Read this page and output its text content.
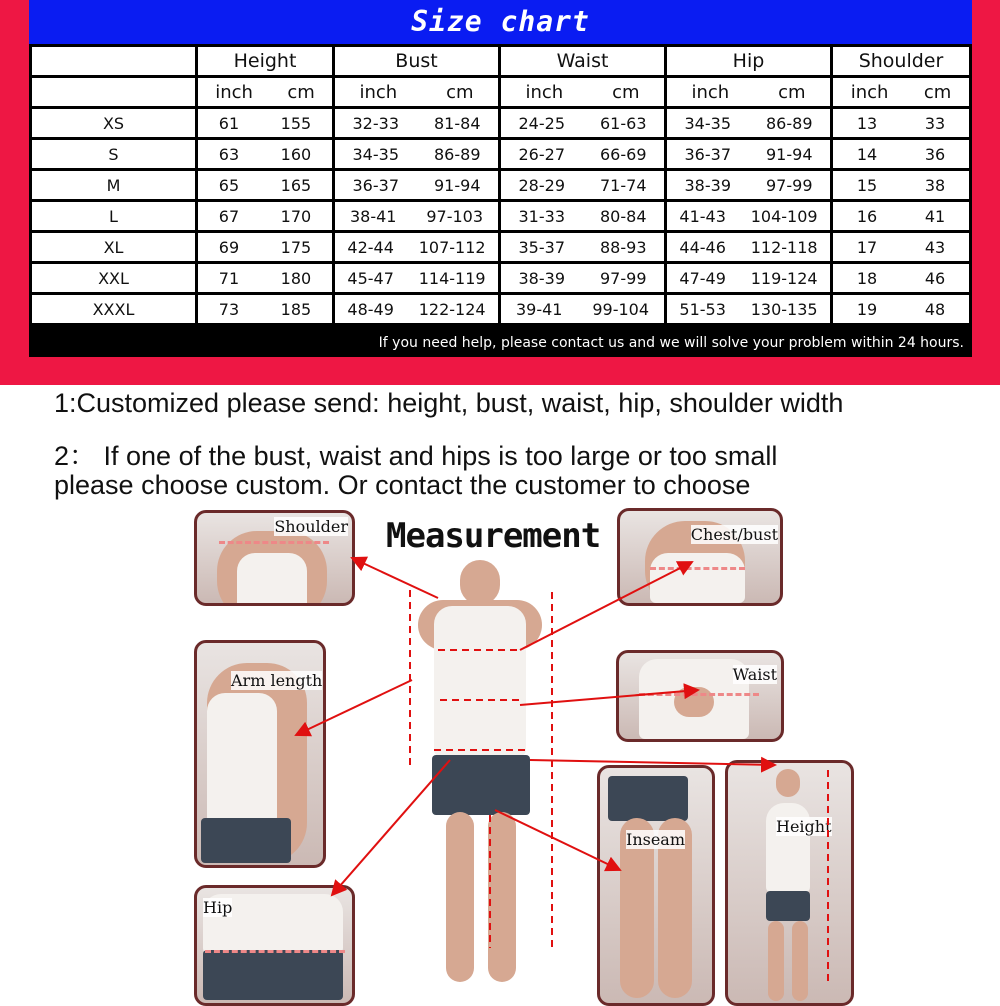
Size chart
	Height	Bust	Waist	Hip	Shoulder

	inch cm	inch cm	inch cm	inch cm	inch cm

XS	61 155	32-33 81-84	24-25 61-63	34-35 86-89	13 33

S	63 160	34-35 86-89	26-27 66-69	36-37 91-94	14 36

M	65 165	36-37 91-94	28-29 71-74	38-39 97-99	15 38

L	67 170	38-41 97-103	31-33 80-84	41-43 104-109	16 41

XL	69 175	42-44 107-112	35-37 88-93	44-46 112-118	17 43

XXL	71 180	45-47 114-119	38-39 97-99	47-49 119-124	18 46

XXXL	73 185	48-49 122-124	39-41 99-104	51-53 130-135	19 48
If you need help, please contact us and we will solve your problem within 24 hours.
1:Customized please send: height, bust, waist, hip, shoulder width
2： If one of the bust, waist and hips is too large or too small
please choose custom. Or contact the customer to choose
Measurement
Shoulder	Chest/bust
Arm length	Waist
Inseam
Height
Hip
